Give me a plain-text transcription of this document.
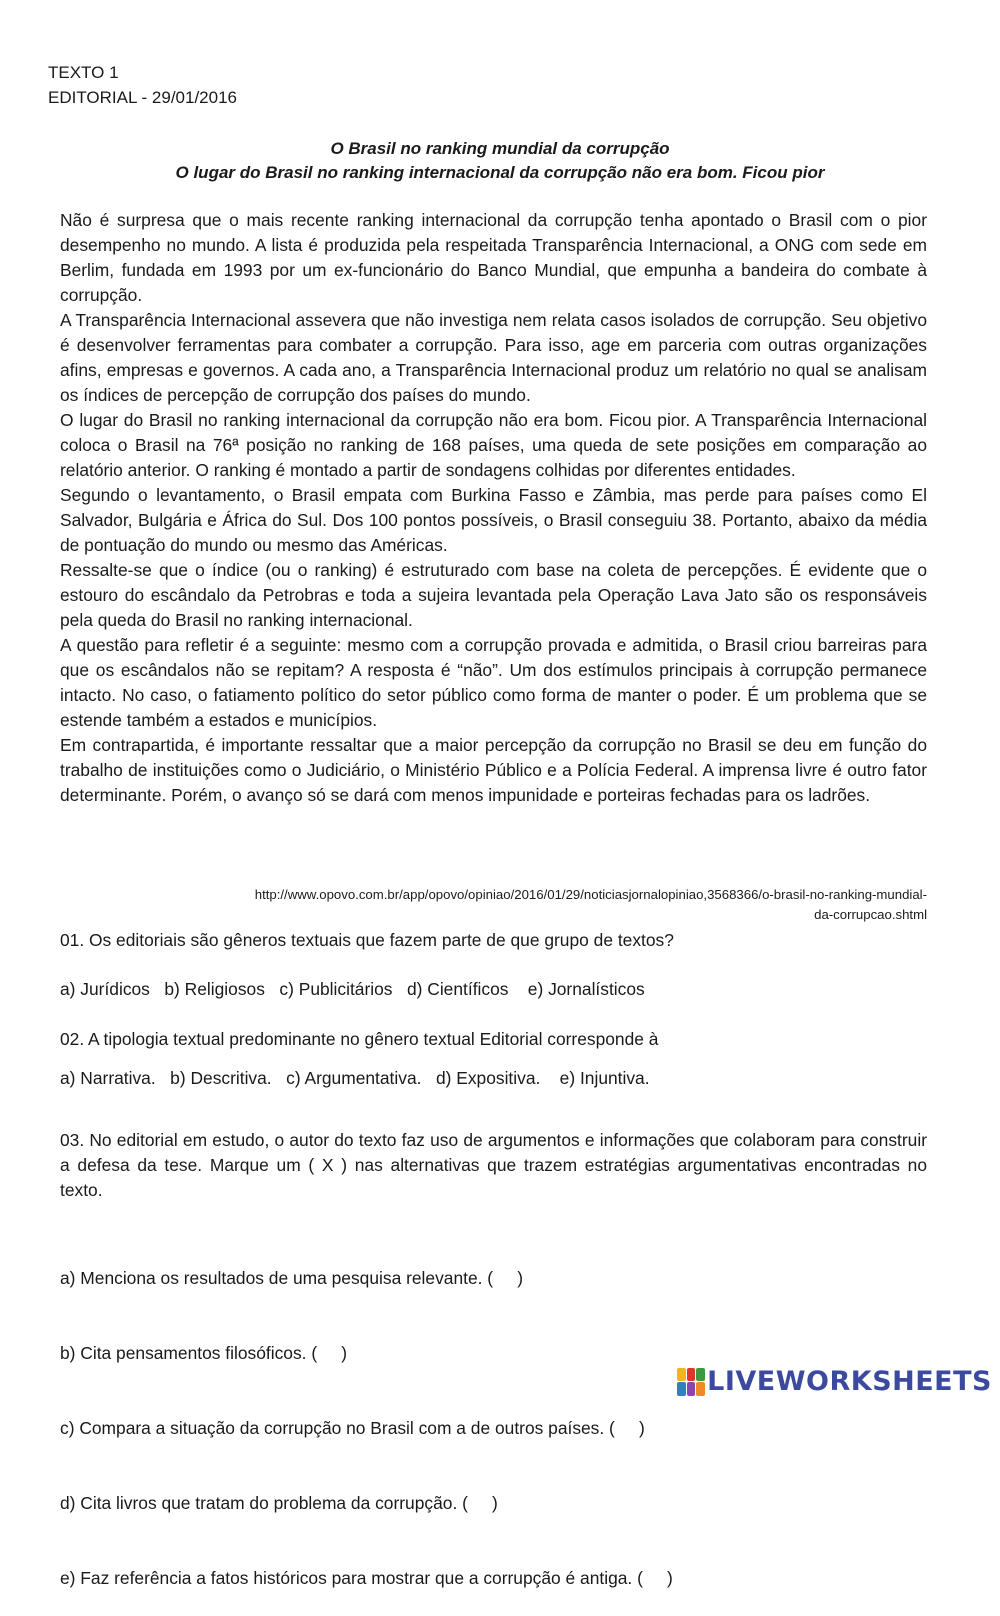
TEXTO 1
EDITORIAL - 29/01/2016
O Brasil no ranking mundial da corrupção
O lugar do Brasil no ranking internacional da corrupção não era bom. Ficou pior

Não é surpresa que o mais recente ranking internacional da corrupção tenha apontado o Brasil com o pior desempenho no mundo. A lista é produzida pela respeitada Transparência Internacional, a ONG com sede em Berlim, fundada em 1993 por um ex-funcionário do Banco Mundial, que empunha a bandeira do combate à corrupção.

A Transparência Internacional assevera que não investiga nem relata casos isolados de corrupção. Seu objetivo é desenvolver ferramentas para combater a corrupção. Para isso, age em parceria com outras organizações afins, empresas e governos. A cada ano, a Transparência Internacional produz um relatório no qual se analisam os índices de percepção de corrupção dos países do mundo.

O lugar do Brasil no ranking internacional da corrupção não era bom. Ficou pior. A Transparência Internacional coloca o Brasil na 76ª posição no ranking de 168 países, uma queda de sete posições em comparação ao relatório anterior. O ranking é montado a partir de sondagens colhidas por diferentes entidades.

Segundo o levantamento, o Brasil empata com Burkina Fasso e Zâmbia, mas perde para países como El Salvador, Bulgária e África do Sul. Dos 100 pontos possíveis, o Brasil conseguiu 38. Portanto, abaixo da média de pontuação do mundo ou mesmo das Américas.

Ressalte-se que o índice (ou o ranking) é estruturado com base na coleta de percepções. É evidente que o estouro do escândalo da Petrobras e toda a sujeira levantada pela Operação Lava Jato são os responsáveis pela queda do Brasil no ranking internacional.

A questão para refletir é a seguinte: mesmo com a corrupção provada e admitida, o Brasil criou barreiras para que os escândalos não se repitam? A resposta é “não”. Um dos estímulos principais à corrupção permanece intacto. No caso, o fatiamento político do setor público como forma de manter o poder. É um problema que se estende também a estados e municípios.

Em contrapartida, é importante ressaltar que a maior percepção da corrupção no Brasil se deu em função do trabalho de instituições como o Judiciário, o Ministério Público e a Polícia Federal. A imprensa livre é outro fator determinante. Porém, o avanço só se dará com menos impunidade e porteiras fechadas para os ladrões.

http://www.opovo.com.br/app/opovo/opiniao/2016/01/29/noticiasjornalopiniao,3568366/o-brasil-no-ranking-mundial-
da-corrupcao.shtml

01. Os editoriais são gêneros textuais que fazem parte de que grupo de textos?

a) Jurídicos   b) Religiosos   c) Publicitários   d) Científicos    e) Jornalísticos

02. A tipologia textual predominante no gênero textual Editorial corresponde à

a) Narrativa.   b) Descritiva.   c) Argumentativa.   d) Expositiva.    e) Injuntiva.

03. No editorial em estudo, o autor do texto faz uso de argumentos e informações que colaboram para construir a defesa da tese. Marque um ( X ) nas alternativas que trazem estratégias argumentativas encontradas no texto.

a) Menciona os resultados de uma pesquisa relevante. (     )

b) Cita pensamentos filosóficos. (     )

c) Compara a situação da corrupção no Brasil com a de outros países. (     )

d) Cita livros que tratam do problema da corrupção. (     )

e) Faz referência a fatos históricos para mostrar que a corrupção é antiga. (     )

LIVEWORKSHEETS
